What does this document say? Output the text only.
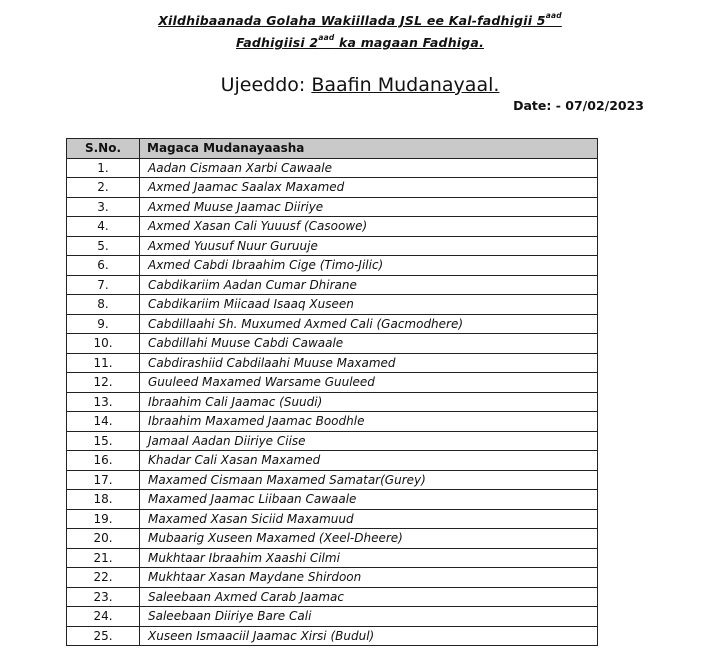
Xildhibaanada Golaha Wakiillada JSL ee Kal-fadhigii $5^{aad}$
Fadhigiisi $2^{aad}$ ka magaan Fadhiga.
Ujeeddo: Baafin Mudanayaal.
Date: - 07/02/2023
S.No.	Magaca Mudanayaasha
1.	Aadan Cismaan Xarbi Cawaale
2.	Axmed Jaamac Saalax Maxamed
3.	Axmed Muuse Jaamac Diiriye
4.	Axmed Xasan Cali Yuuusf (Casoowe)
5.	Axmed Yuusuf Nuur Guruuje
6.	Axmed Cabdi Ibraahim Cige (Timo-Jilic)
7.	Cabdikariim Aadan Cumar Dhirane
8.	Cabdikariim Miicaad Isaaq Xuseen
9.	Cabdillaahi Sh. Muxumed Axmed Cali (Gacmodhere)
10.	Cabdillahi Muuse Cabdi Cawaale
11.	Cabdirashiid Cabdilaahi Muuse Maxamed
12.	Guuleed Maxamed Warsame Guuleed
13.	Ibraahim Cali Jaamac (Suudi)
14.	Ibraahim Maxamed Jaamac Boodhle
15.	Jamaal Aadan Diiriye Ciise
16.	Khadar Cali Xasan Maxamed
17.	Maxamed Cismaan Maxamed Samatar(Gurey)
18.	Maxamed Jaamac Liibaan Cawaale
19.	Maxamed Xasan Siciid Maxamuud
20.	Mubaarig Xuseen Maxamed (Xeel-Dheere)
21.	Mukhtaar Ibraahim Xaashi Cilmi
22.	Mukhtaar Xasan Maydane Shirdoon
23.	Saleebaan Axmed Carab Jaamac
24.	Saleebaan Diiriye Bare Cali
25.	Xuseen Ismaaciil Jaamac Xirsi (Budul)
